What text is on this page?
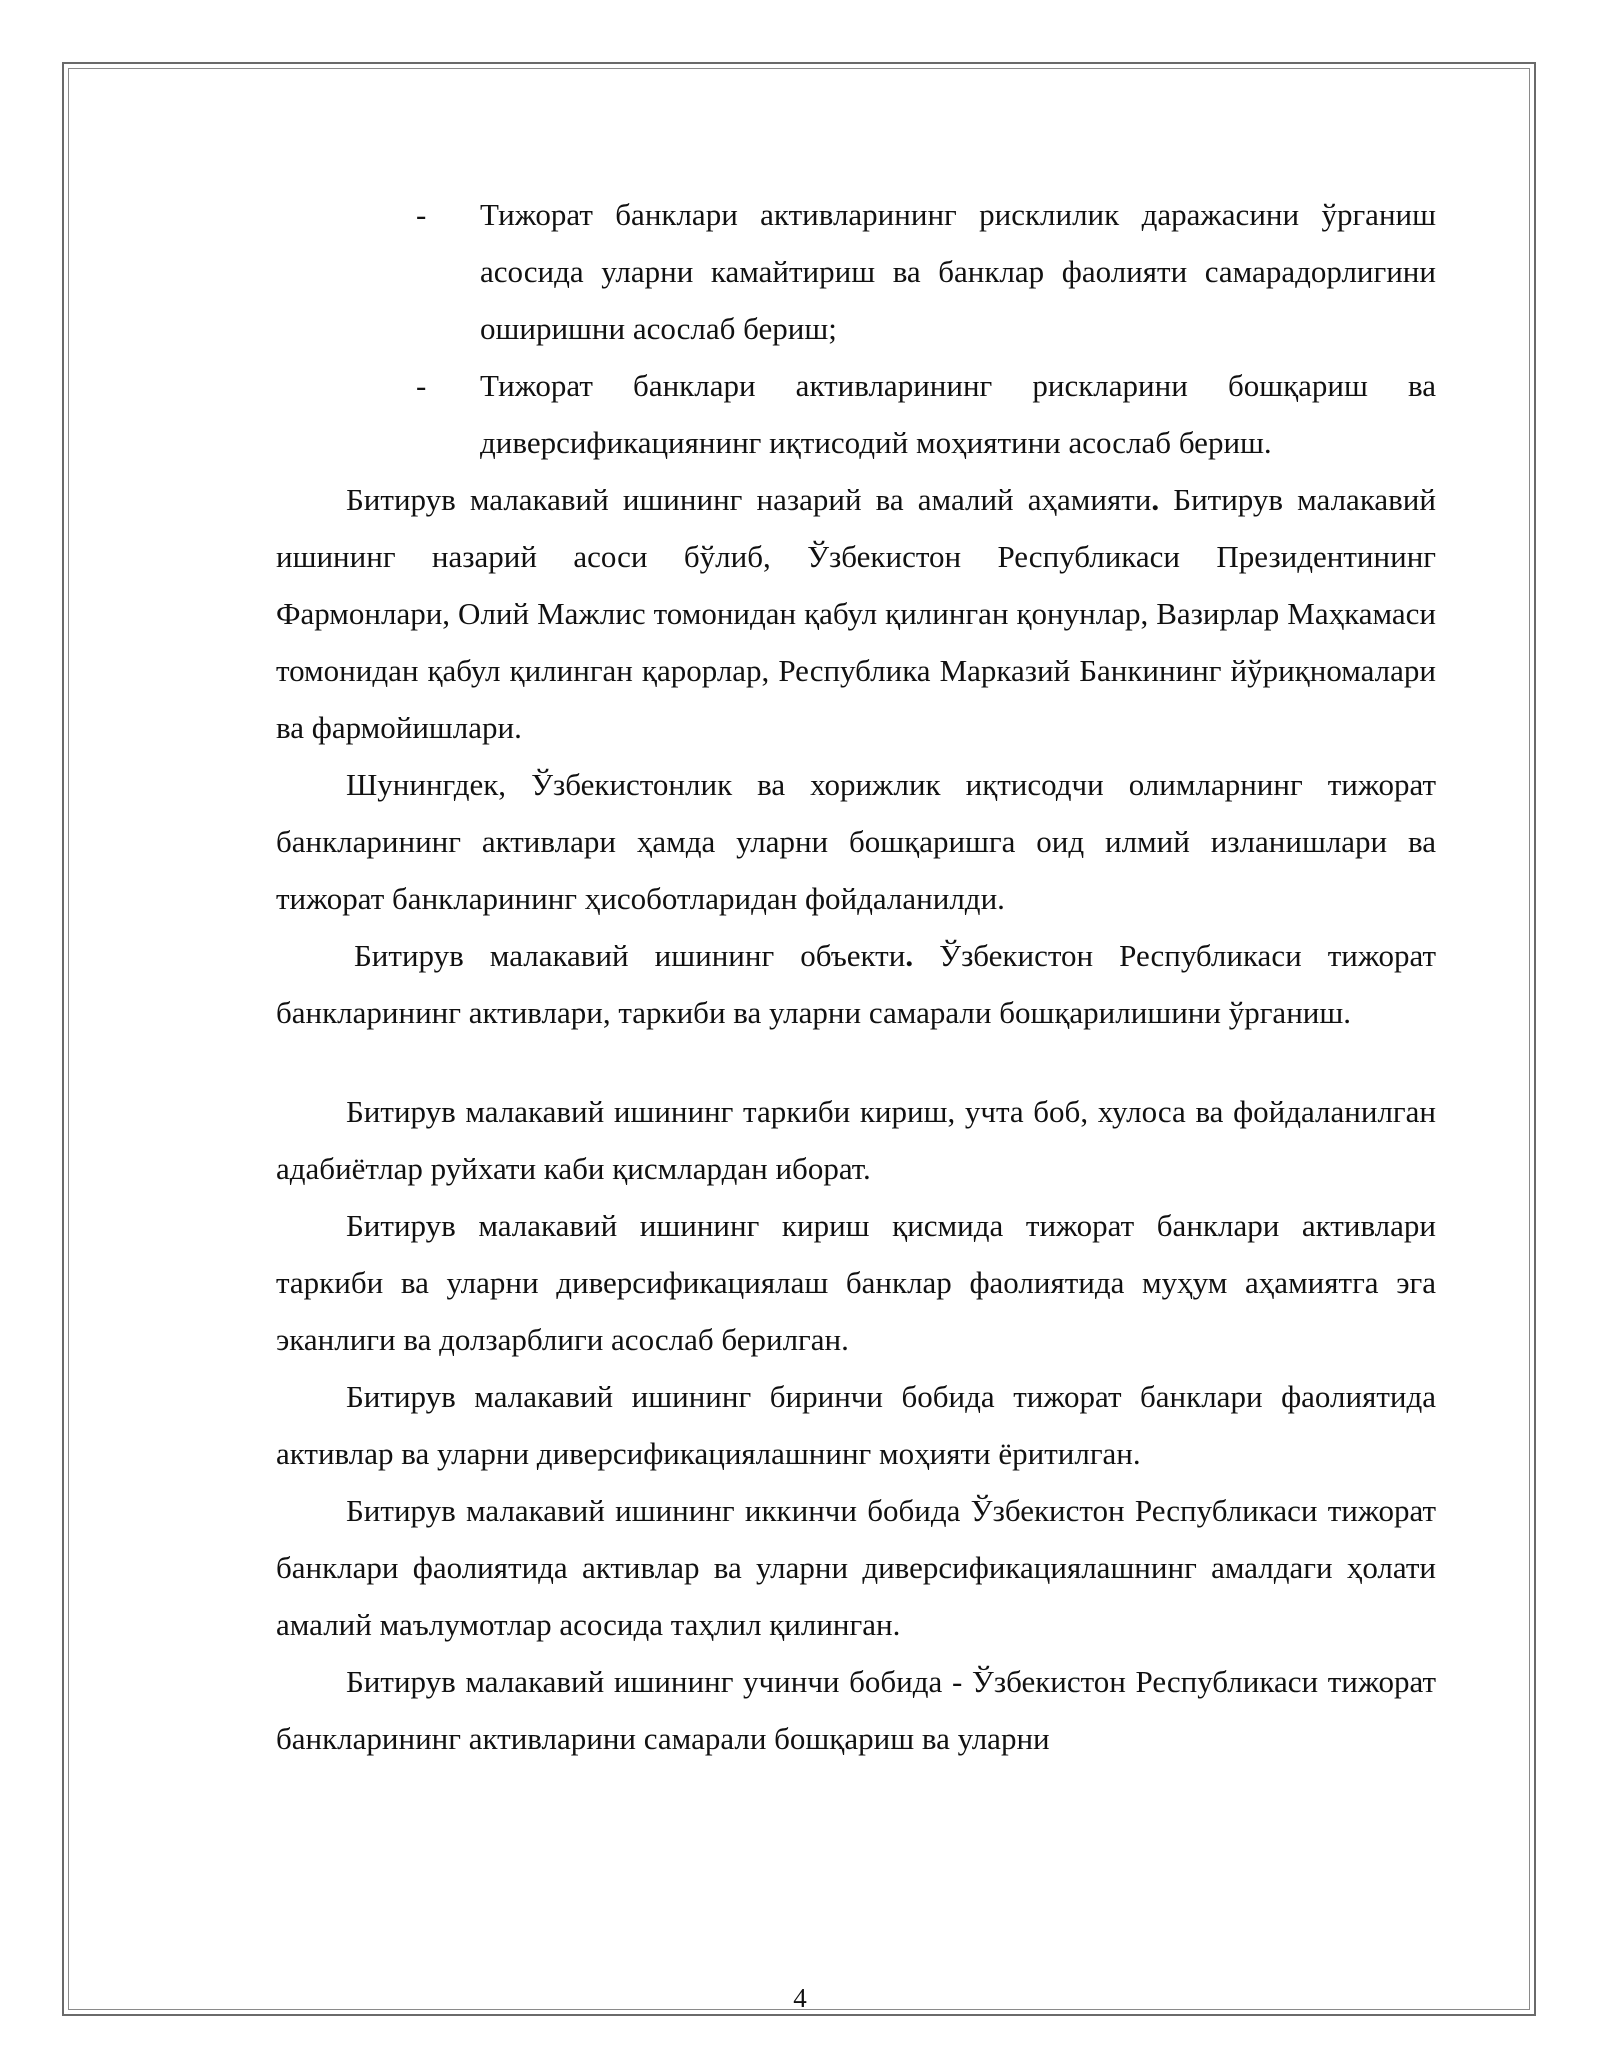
- Тижорат банклари активларининг рисклилик даражасини ўрганиш асосида уларни камайтириш ва банклар фаолияти самарадорлигини оширишни асослаб бериш;
- Тижорат банклари активларининг рискларини бошқариш ва диверсификациянинг иқтисодий моҳиятини асослаб бериш.

Битирув малакавий ишининг назарий ва амалий аҳамияти. Битирув малакавий ишининг назарий асоси бўлиб, Ўзбекистон Республикаси Президентининг Фармонлари, Олий Мажлис томонидан қабул қилинган қонунлар, Вазирлар Маҳкамаси томонидан қабул қилинган қарорлар, Республика Марказий Банкининг йўриқномалари ва фармойишлари.

Шунингдек, Ўзбекистонлик ва хорижлик иқтисодчи олимларнинг тижорат банкларининг активлари ҳамда уларни бошқаришга оид илмий изланишлари ва тижорат банкларининг ҳисоботларидан фойдаланилди.

Битирув малакавий ишининг объекти. Ўзбекистон Республикаси тижорат банкларининг активлари, таркиби ва уларни самарали бошқарилишини ўрганиш.

Битирув малакавий ишининг таркиби кириш, учта боб, хулоса ва фойдаланилган адабиётлар руйхати каби қисмлардан иборат.

Битирув малакавий ишининг кириш қисмида тижорат банклари активлари таркиби ва уларни диверсификациялаш банклар фаолиятида муҳум аҳамиятга эга эканлиги ва долзарблиги асослаб берилган.

Битирув малакавий ишининг биринчи бобида тижорат банклари фаолиятида активлар ва уларни диверсификациялашнинг моҳияти ёритилган.

Битирув малакавий ишининг иккинчи бобида Ўзбекистон Республикаси тижорат банклари фаолиятида активлар ва уларни диверсификациялашнинг амалдаги ҳолати амалий маълумотлар асосида таҳлил қилинган.

Битирув малакавий ишининг учинчи бобида - Ўзбекистон Республикаси тижорат банкларининг активларини самарали бошқариш ва уларни

4
